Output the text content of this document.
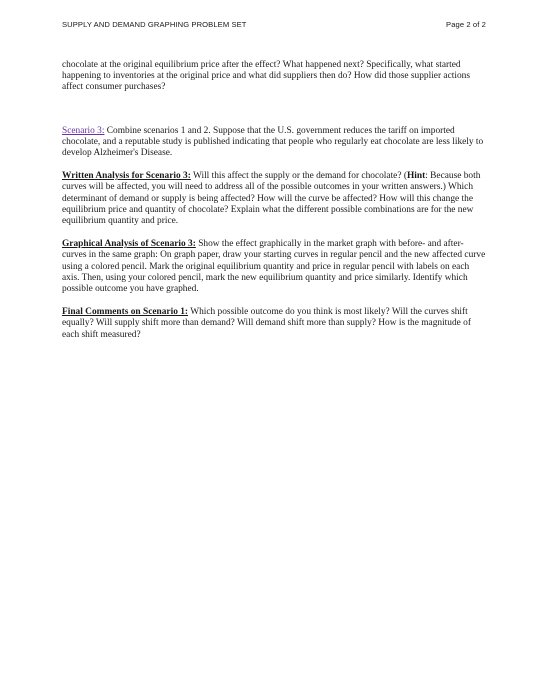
SUPPLY AND DEMAND GRAPHING PROBLEM SET	Page 2 of 2

chocolate at the original equilibrium price after the effect? What happened next? Specifically, what started happening to inventories at the original price and what did suppliers then do? How did those supplier actions affect consumer purchases?

Scenario 3: Combine scenarios 1 and 2. Suppose that the U.S. government reduces the tariff on imported chocolate, and a reputable study is published indicating that people who regularly eat chocolate are less likely to develop Alzheimer's Disease.

Written Analysis for Scenario 3: Will this affect the supply or the demand for chocolate? (Hint: Because both curves will be affected, you will need to address all of the possible outcomes in your written answers.) Which determinant of demand or supply is being affected? How will the curve be affected? How will this change the equilibrium price and quantity of chocolate? Explain what the different possible combinations are for the new equilibrium quantity and price.

Graphical Analysis of Scenario 3: Show the effect graphically in the market graph with before- and after-curves in the same graph: On graph paper, draw your starting curves in regular pencil and the new affected curve using a colored pencil. Mark the original equilibrium quantity and price in regular pencil with labels on each axis. Then, using your colored pencil, mark the new equilibrium quantity and price similarly. Identify which possible outcome you have graphed.

Final Comments on Scenario 1: Which possible outcome do you think is most likely? Will the curves shift equally? Will supply shift more than demand? Will demand shift more than supply? How is the magnitude of each shift measured?
